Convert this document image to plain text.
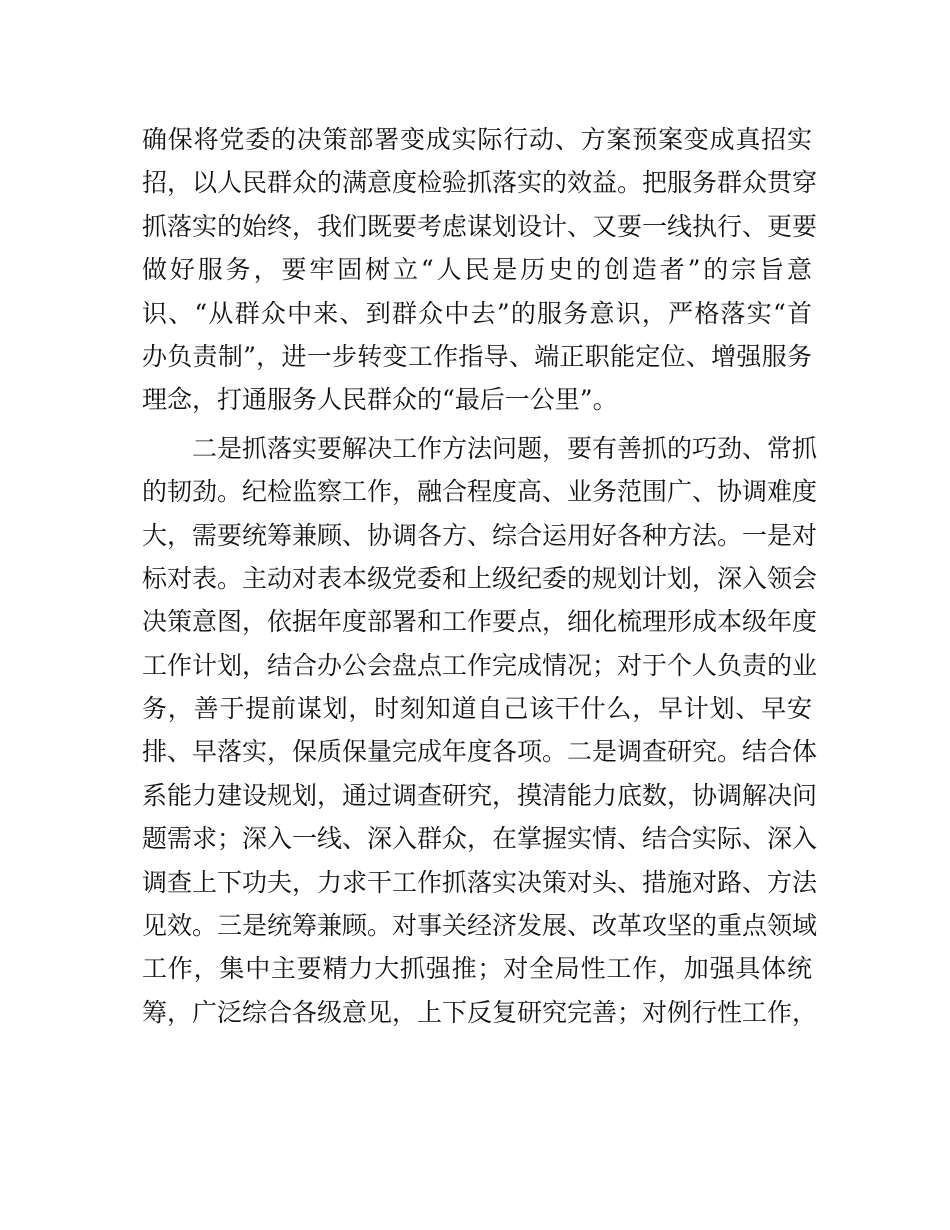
确保将党委的决策部署变成实际行动、方案预案变成真招实
招，以人民群众的满意度检验抓落实的效益。把服务群众贯穿
抓落实的始终，我们既要考虑谋划设计、又要一线执行、更要
做好服务，要牢固树立“人民是历史的创造者”的宗旨意
识、“从群众中来、到群众中去”的服务意识，严格落实“首
办负责制”，进一步转变工作指导、端正职能定位、增强服务
理念，打通服务人民群众的“最后一公里”。
二是抓落实要解决工作方法问题，要有善抓的巧劲、常抓
的韧劲。纪检监察工作，融合程度高、业务范围广、协调难度
大，需要统筹兼顾、协调各方、综合运用好各种方法。一是对
标对表。主动对表本级党委和上级纪委的规划计划，深入领会
决策意图，依据年度部署和工作要点，细化梳理形成本级年度
工作计划，结合办公会盘点工作完成情况；对于个人负责的业
务，善于提前谋划，时刻知道自己该干什么，早计划、早安
排、早落实，保质保量完成年度各项。二是调查研究。结合体
系能力建设规划，通过调查研究，摸清能力底数，协调解决问
题需求；深入一线、深入群众，在掌握实情、结合实际、深入
调查上下功夫，力求干工作抓落实决策对头、措施对路、方法
见效。三是统筹兼顾。对事关经济发展、改革攻坚的重点领域
工作，集中主要精力大抓强推；对全局性工作，加强具体统
筹，广泛综合各级意见，上下反复研究完善；对例行性工作，
